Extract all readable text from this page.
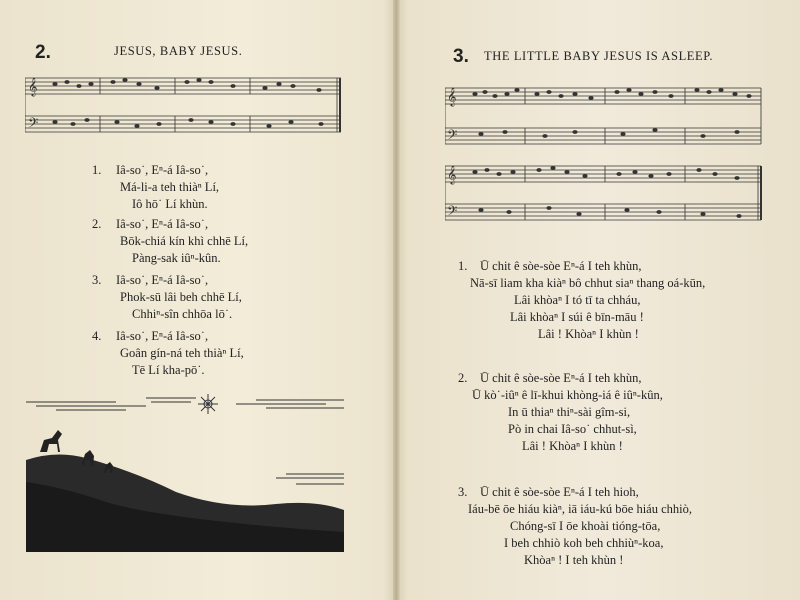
2.	JESUS, BABY JESUS.
𝄞
𝄢
1. Iâ-so˙, Eⁿ-á Iâ-so˙,
Má-li-a teh thiàⁿ Lí,
Iô hō˙ Lí khùn.
2. Iâ-so˙, Eⁿ-á Iâ-so˙,
Bōk-chiá kín khì chhē Lí,
Pàng-sak iûⁿ-kûn.
3. Iâ-so˙, Eⁿ-á Iâ-so˙,
Phok-sū lâi beh chhē Lí,
Chhiⁿ-sîn chhōa lō˙.
4. Iâ-so˙, Eⁿ-á Iâ-so˙,
Goân gín-ná teh thiàⁿ Lí,
Tē Lí kha-pō˙.
3. THE LITTLE BABY JESUS IS ASLEEP.
𝄞
𝄢
𝄞
𝄢
1. Ū chit ê sòe-sòe Eⁿ-á I teh khùn,
Nā-sī liam kha kiàⁿ bô chhut siaⁿ thang oá-kūn,
Lâi khòaⁿ I tó tī ta chháu,
Lâi khòaⁿ I súi ê bīn-māu !
Lâi ! Khòaⁿ I khùn !
2. Ū chit ê sòe-sòe Eⁿ-á I teh khùn,
Ū kò˙-iûⁿ ê lī-khui khòng-iá ê iûⁿ-kûn,
In ū thiaⁿ thiⁿ-sài gîm-si,
Pò in chai Iâ-so˙ chhut-sì,
Lâi ! Khòaⁿ I khùn !
3. Ū chit ê sòe-sòe Eⁿ-á I teh hioh,
Iáu-bē ōe hiáu kiàⁿ, iā iáu-kú bōe hiáu chhiò,
Chóng-sī I ōe khoài tióng-tōa,
I beh chhiò koh beh chhiùⁿ-koa,
Khòaⁿ ! I teh khùn !
